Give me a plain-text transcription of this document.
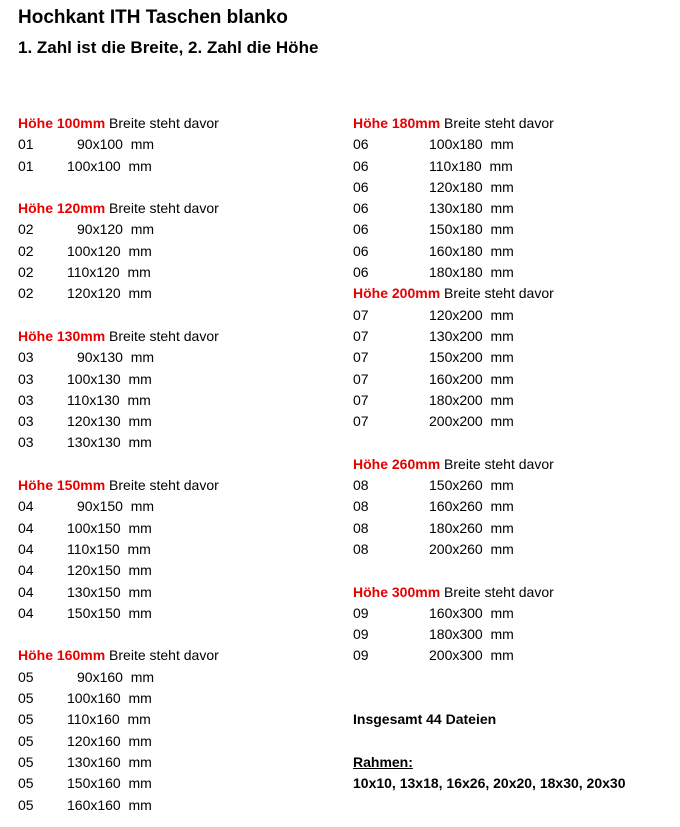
Hochkant ITH Taschen blanko
1. Zahl ist die Breite, 2. Zahl die Höhe
Höhe 100mm Breite steht davor
01	90x100  mm
01 100x100  mm
Höhe 120mm Breite steht davor
02	90x120  mm
02 100x120  mm
02 110x120  mm
02 120x120  mm
Höhe 130mm Breite steht davor
03	90x130  mm
03 100x130  mm
03 110x130  mm
03 120x130  mm
03 130x130  mm
Höhe 150mm Breite steht davor
04	90x150  mm
04 100x150  mm
04 110x150  mm
04 120x150  mm
04 130x150  mm
04 150x150  mm
Höhe 160mm Breite steht davor
05	90x160  mm
05 100x160  mm
05 110x160  mm
05 120x160  mm
05 130x160  mm
05 150x160  mm
05 160x160  mm
Höhe 180mm Breite steht davor
06	100x180  mm
06	110x180  mm
06	120x180  mm
06	130x180  mm
06	150x180  mm
06	160x180  mm
06	180x180  mm
Höhe 200mm Breite steht davor
07	120x200  mm
07	130x200  mm
07	150x200  mm
07	160x200  mm
07	180x200  mm
07	200x200  mm
Höhe 260mm Breite steht davor
08	150x260  mm
08	160x260  mm
08	180x260  mm
08	200x260  mm
Höhe 300mm Breite steht davor
09	160x300  mm
09	180x300  mm
09	200x300  mm
Insgesamt 44 Dateien
Rahmen:
10x10, 13x18, 16x26, 20x20, 18x30, 20x30
